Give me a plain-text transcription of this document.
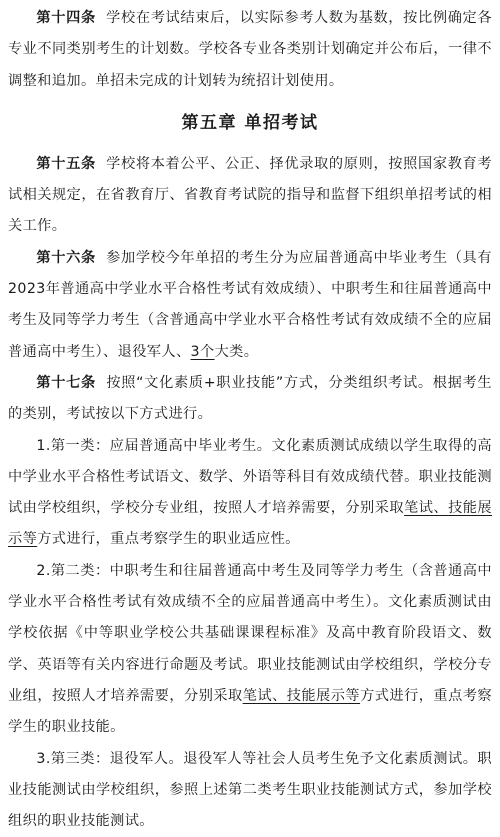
第十四条 学校在考试结束后，以实际参考人数为基数，按比例确定各专业不同类别考生的计划数。学校各专业各类别计划确定并公布后，一律不调整和追加。单招未完成的计划转为统招计划使用。

第五章 单招考试

第十五条 学校将本着公平、公正、择优录取的原则，按照国家教育考试相关规定，在省教育厅、省教育考试院的指导和监督下组织单招考试的相关工作。

第十六条 参加学校今年单招的考生分为应届普通高中毕业考生（具有2023年普通高中学业水平合格性考试有效成绩）、中职考生和往届普通高中考生及同等学力考生（含普通高中学业水平合格性考试有效成绩不全的应届普通高中考生）、退役军人、3个大类。

第十七条 按照“文化素质+职业技能”方式，分类组织考试。根据考生的类别，考试按以下方式进行。

1.第一类：应届普通高中毕业考生。文化素质测试成绩以学生取得的高中学业水平合格性考试语文、数学、外语等科目有效成绩代替。职业技能测试由学校组织，学校分专业组，按照人才培养需要，分别采取笔试、技能展示等方式进行，重点考察学生的职业适应性。

2.第二类：中职考生和往届普通高中考生及同等学力考生（含普通高中学业水平合格性考试有效成绩不全的应届普通高中考生）。文化素质测试由学校依据《中等职业学校公共基础课课程标准》及高中教育阶段语文、数学、英语等有关内容进行命题及考试。职业技能测试由学校组织，学校分专业组，按照人才培养需要，分别采取笔试、技能展示等方式进行，重点考察学生的职业技能。

3.第三类：退役军人。退役军人等社会人员考生免予文化素质测试。职业技能测试由学校组织，参照上述第二类考生职业技能测试方式，参加学校组织的职业技能测试。
